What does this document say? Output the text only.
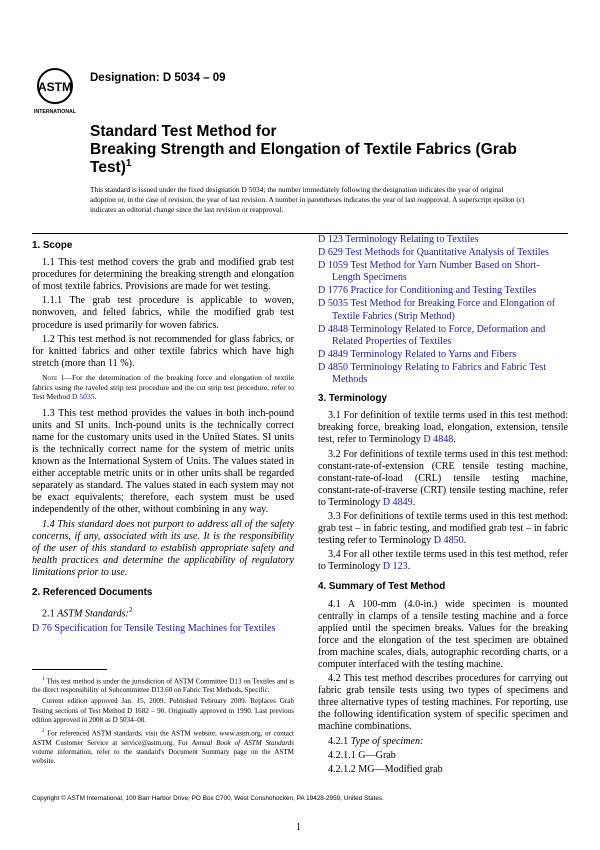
ASTM
INTERNATIONAL
Designation: D 5034 – 09
Standard Test Method for
Breaking Strength and Elongation of Textile Fabrics (Grab
Test)$^1$
This standard is issued under the fixed designation D 5034; the number immediately following the designation indicates the year of original adoption or, in the case of revision, the year of last revision. A number in parentheses indicates the year of last reapproval. A superscript epsilon (ε) indicates an editorial change since the last revision or reapproval.
1. Scope

1.1 This test method covers the grab and modified grab test procedures for determining the breaking strength and elongation of most textile fabrics. Provisions are made for wet testing.

1.1.1 The grab test procedure is applicable to woven, nonwoven, and felted fabrics, while the modified grab test procedure is used primarily for woven fabrics.

1.2 This test method is not recommended for glass fabrics, or for knitted fabrics and other textile fabrics which have high stretch (more than 11 %).

Note 1—For the determination of the breaking force and elongation of textile fabrics using the raveled strip test procedure and the cut strip test procedure, refer to Test Method D 5035.

1.3 This test method provides the values in both inch-pound units and SI units. Inch-pound units is the technically correct name for the customary units used in the United States. SI units is the technically correct name for the system of metric units known as the International System of Units. The values stated in either acceptable metric units or in other units shall be regarded separately as standard. The values stated in each system may not be exact equivalents; therefore, each system must be used independently of the other, without combining in any way.

1.4 This standard does not purport to address all of the safety concerns, if any, associated with its use. It is the responsibility of the user of this standard to establish appropriate safety and health practices and determine the applicability of regulatory limitations prior to use.

2. Referenced Documents

2.1 ASTM Standards:$^2$

D 76 Specification for Tensile Testing Machines for Textiles

$^1$ This test method is under the jurisdiction of ASTM Committee D13 on Textiles and is the direct responsibility of Subcommittee D13.60 on Fabric Test Methods, Specific.

Current edition approved Jan. 15, 2009. Published February 2009. Replaces Grab Testing sections of Test Method D 1682 – 90. Originally approved in 1990. Last previous edition approved in 2008 as D 5034–08.

$^2$ For referenced ASTM standards, visit the ASTM website, www.astm.org, or contact ASTM Customer Service at service@astm.org. For Annual Book of ASTM Standards volume information, refer to the standard's Document Summary page on the ASTM website.

D 123 Terminology Relating to Textiles

D 629 Test Methods for Quantitative Analysis of Textiles

D 1059 Test Method for Yarn Number Based on Short-Length Specimens

D 1776 Practice for Conditioning and Testing Textiles

D 5035 Test Method for Breaking Force and Elongation of Textile Fabrics (Strip Method)

D 4848 Terminology Related to Force, Deformation and Related Properties of Textiles

D 4849 Terminology Related to Yarns and Fibers

D 4850 Terminology Relating to Fabrics and Fabric Test Methods

3. Terminology

3.1 For definition of textile terms used in this test method: breaking force, breaking load, elongation, extension, tensile test, refer to Terminology D 4848.

3.2 For definitions of textile terms used in this test method: constant-rate-of-extension (CRE tensile testing machine, constant-rate-of-load (CRL) tensile testing machine, constant-rate-of-traverse (CRT) tensile testing machine, refer to Terminology D 4849.

3.3 For definitions of textile terms used in this test method: grab test – in fabric testing, and modified grab test – in fabric testing refer to Terminology D 4850.

3.4 For all other textile terms used in this test method, refer to Terminology D 123.

4. Summary of Test Method

4.1 A 100-mm (4.0-in.) wide specimen is mounted centrally in clamps of a tensile testing machine and a force applied until the specimen breaks. Values for the breaking force and the elongation of the test specimen are obtained from machine scales, dials, autographic recording charts, or a computer interfaced with the testing machine.

4.2 This test method describes procedures for carrying out fabric grab tensile tests using two types of specimens and three alternative types of testing machines. For reporting, use the following identification system of specific specimen and machine combinations.

4.2.1 Type of specimen:

4.2.1.1 G—Grab

4.2.1.2 MG—Modified grab

Copyright © ASTM International, 100 Barr Harbor Drive, PO Box C700, West Conshohocken, PA 19428-2959, United States.
1
